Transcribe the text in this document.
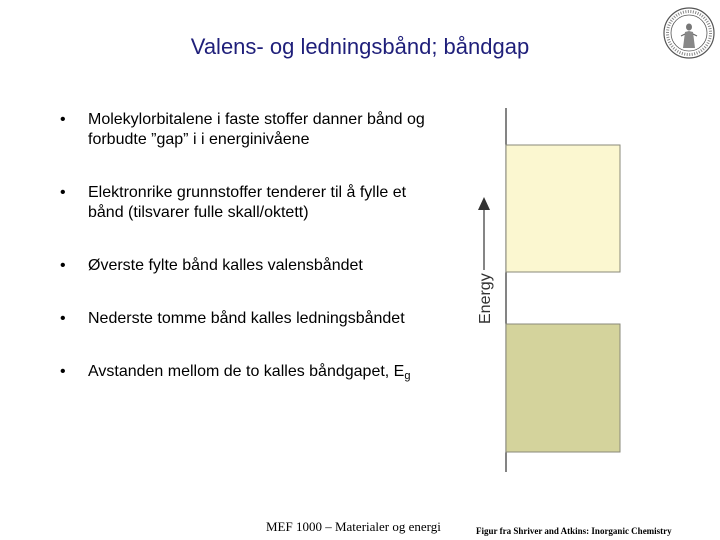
Valens- og ledningsbånd; båndgap
• Molekylorbitalene i faste stoffer danner bånd og forbudte ”gap” i i energinivåene
• Elektronrike grunnstoffer tenderer til å fylle et bånd (tilsvarer fulle skall/oktett)
• Øverste fylte bånd kalles valensbåndet
• Nederste tomme bånd kalles ledningsbåndet
• Avstanden mellom de to kalles båndgapet, $E_g$
Energy
MEF 1000 – Materialer og energi	Figur fra Shriver and Atkins: Inorganic Chemistry
